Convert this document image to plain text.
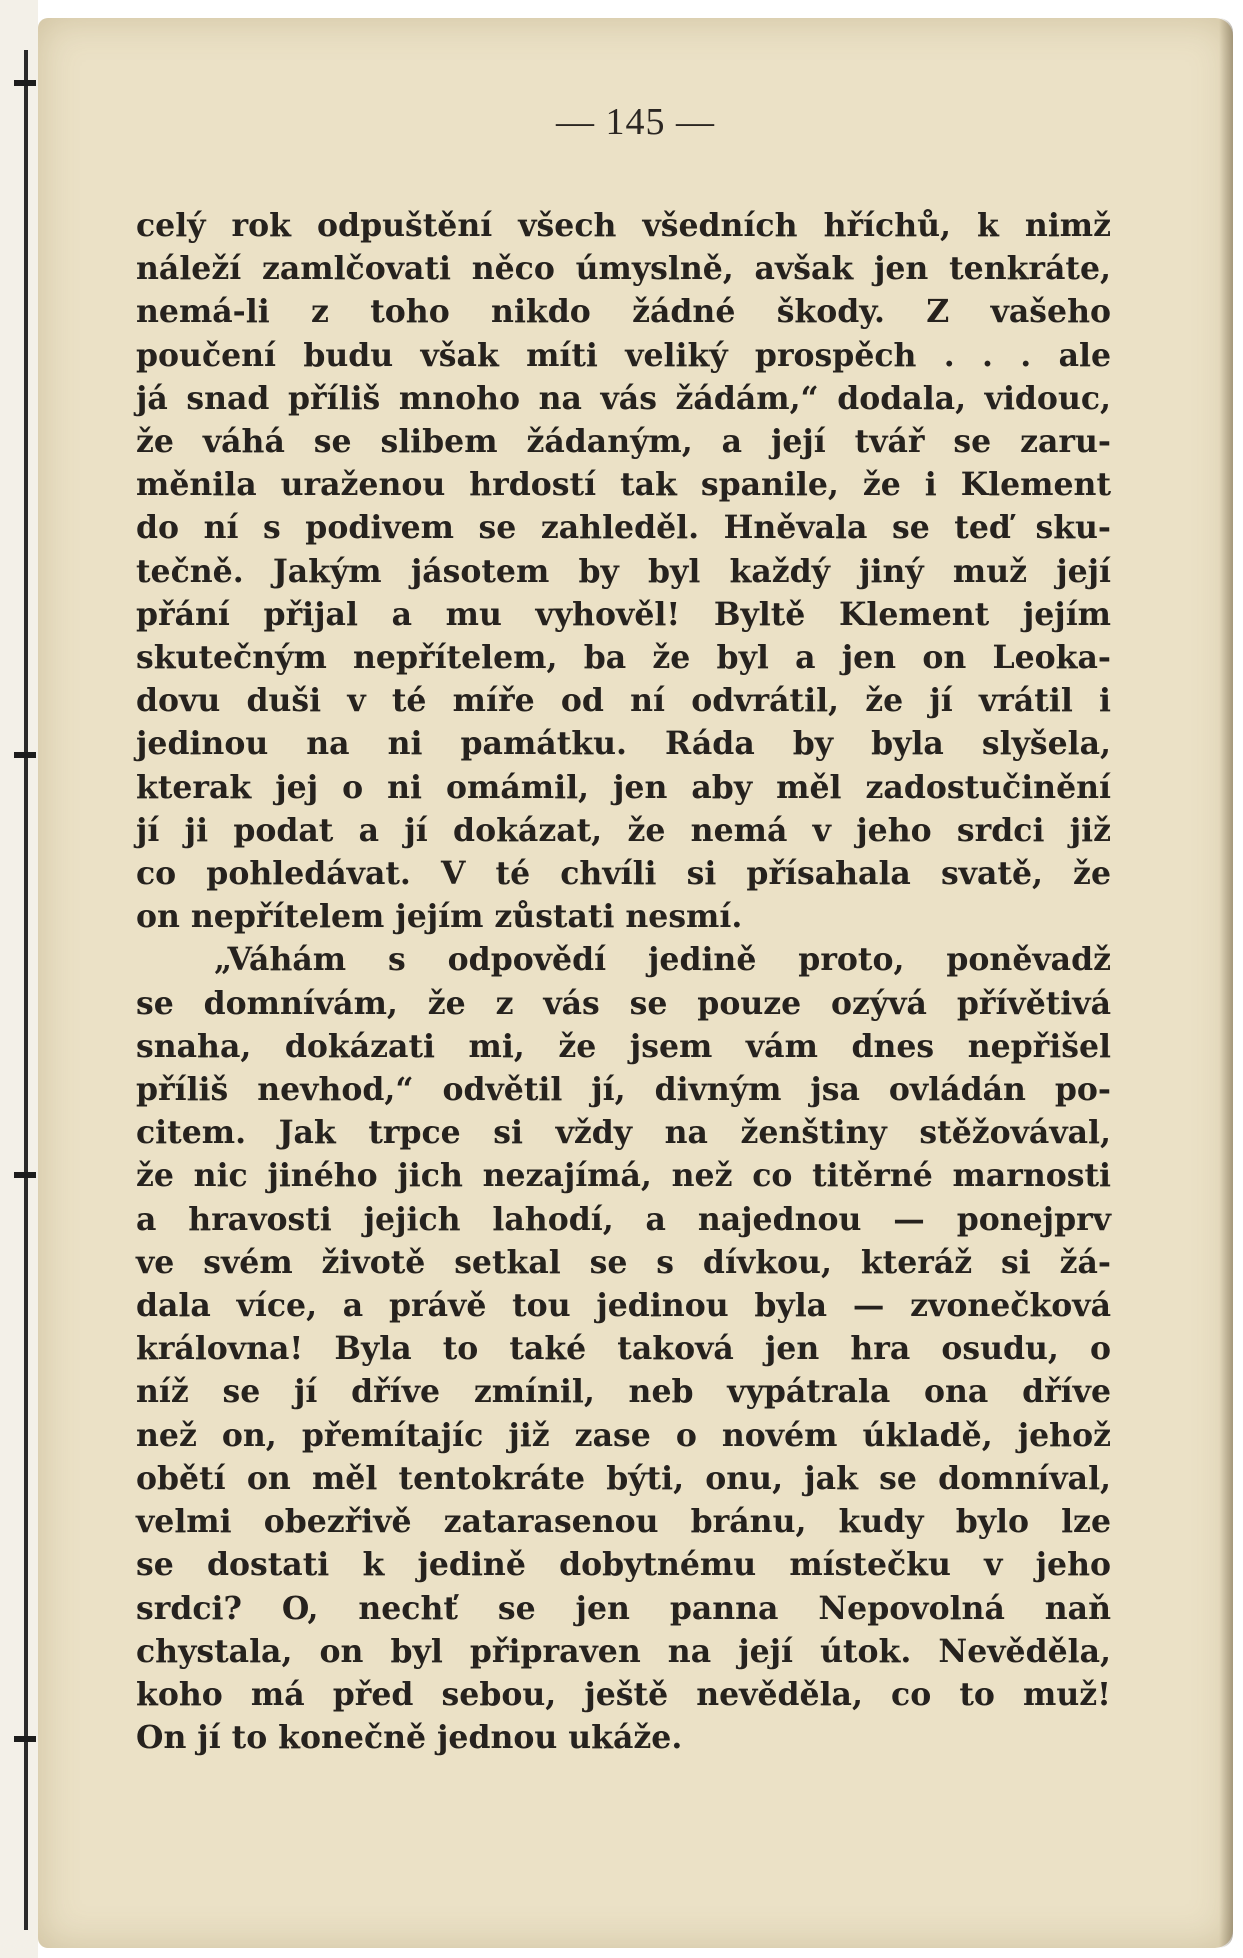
— 145 —
celý rok odpuštění všech všedních hříchů, k nimž
náleží zamlčovati něco úmyslně, avšak jen tenkráte,
nemá-li z toho nikdo žádné škody. Z vašeho
poučení budu však míti veliký prospěch . . . ale
já snad příliš mnoho na vás žádám,“ dodala, vidouc,
že váhá se slibem žádaným, a její tvář se zaru-
měnila uraženou hrdostí tak spanile, že i Klement
do ní s podivem se zahleděl. Hněvala se teď sku-
tečně. Jakým jásotem by byl každý jiný muž její
přání přijal a mu vyhověl! Byltě Klement jejím
skutečným nepřítelem, ba že byl a jen on Leoka-
dovu duši v té míře od ní odvrátil, že jí vrátil i
jedinou na ni památku. Ráda by byla slyšela,
kterak jej o ni omámil, jen aby měl zadostučinění
jí ji podat a jí dokázat, že nemá v jeho srdci již
co pohledávat. V té chvíli si přísahala svatě, že
on nepřítelem jejím zůstati nesmí.
„Váhám s odpovědí jedině proto, poněvadž
se domnívám, že z vás se pouze ozývá přívětivá
snaha, dokázati mi, že jsem vám dnes nepřišel
příliš nevhod,“ odvětil jí, divným jsa ovládán po-
citem. Jak trpce si vždy na ženštiny stěžovával,
že nic jiného jich nezajímá, než co titěrné marnosti
a hravosti jejich lahodí, a najednou — ponejprv
ve svém životě setkal se s dívkou, kteráž si žá-
dala více, a právě tou jedinou byla — zvonečková
královna! Byla to také taková jen hra osudu, o
níž se jí dříve zmínil, neb vypátrala ona dříve
než on, přemítajíc již zase o novém úkladě, jehož
obětí on měl tentokráte býti, onu, jak se domníval,
velmi obezřivě zatarasenou bránu, kudy bylo lze
se dostati k jedině dobytnému místečku v jeho
srdci? O, nechť se jen panna Nepovolná naň
chystala, on byl připraven na její útok. Nevěděla,
koho má před sebou, ještě nevěděla, co to muž!
On jí to konečně jednou ukáže.
